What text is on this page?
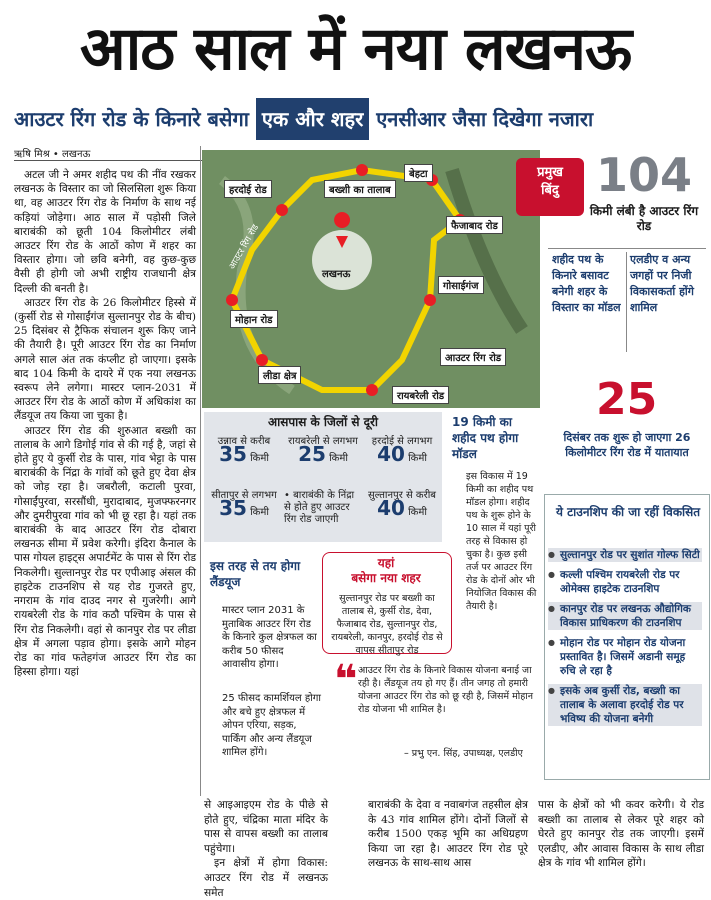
आठ साल में नया लखनऊ
आउटर रिंग रोड के किनारे बसेगा एक और शहर एनसीआर जैसा दिखेगा नजारा
ऋषि मिश्र • लखनऊ

अटल जी ने अमर शहीद पथ की नींव रखकर लखनऊ के विस्तार का जो सिलसिला शुरू किया था, वह आउटर रिंग रोड के निर्माण के साथ नई कड़ियां जोड़ेगा। आठ साल में पड़ोसी जिले बाराबंकी को छूती 104 किलोमीटर लंबी आउटर रिंग रोड के आठों कोण में शहर का विस्तार होगा। जो छवि बनेगी, वह कुछ-कुछ वैसी ही होगी जो अभी राष्ट्रीय राजधानी क्षेत्र दिल्ली की बनती है।

आउटर रिंग रोड के 26 किलोमीटर हिस्से में (कुर्सी रोड से गोसाईंगंज सुल्तानपुर रोड के बीच) 25 दिसंबर से ट्रैफिक संचालन शुरू किए जाने की तैयारी है। पूरी आउटर रिंग रोड का निर्माण अगले साल अंत तक कंप्लीट हो जाएगा। इसके बाद 104 किमी के दायरे में एक नया लखनऊ स्वरूप लेने लगेगा। मास्टर प्लान-2031 में आउटर रिंग रोड के आठों कोण में अधिकांश का लैंडयूज तय किया जा चुका है।

आउटर रिंग रोड की शुरुआत बख्शी का तालाब के आगे डिगोई गांव से की गई है, जहां से होते हुए ये कुर्सी रोड के पास, गांव भेट्टा के पास बाराबंकी के निंद्रा के गांवों को छूते हुए देवा क्षेत्र को जोड़ रहा है। जबरौली, कटाली पुरवा, गोसाईंपुरवा, सरसौंधी, मुरादाबाद, मुजफ्फरनगर और दुमरीपुरवा गांव को भी छू रहा है। यहां तक बाराबंकी के बाद आउटर रिंग रोड दोबारा लखनऊ सीमा में प्रवेश करेगी। इंदिरा कैनाल के पास गोयल हाइट्स अपार्टमेंट के पास से रिंग रोड निकलेगी। सुल्तानपुर रोड पर एपीआइ अंसल की हाइटेक टाउनशिप से यह रोड गुजरते हुए, नगराम के गांव दाउद नगर से गुजरेगी। आगे रायबरेली रोड के गांव कठौ पश्चिम के पास से रिंग रोड निकलेगी। वहां से कानपुर रोड पर लीडा क्षेत्र में अगला पड़ाव होगा। इसके आगे मोहन रोड का गांव फतेहगंज आउटर रिंग रोड का हिस्सा होगा। यहां

बेहटा
बख्शी का तालाब
हरदोई रोड
फैजाबाद रोड
लखनऊ
आउटर रिंग रोड
गोसाईगंज
मोहान रोड
लीडा क्षेत्र
आउटर रिंग रोड
रायबरेली रोड
प्रमुख
बिंदु 104
किमी लंबी है आउटर रिंग रोड
शहीद पथ के किनारे बसावट बनेगी शहर के विस्तार का मॉडल
एलडीए व अन्य जगहों पर निजी विकासकर्ता होंगे शामिल
25
दिसंबर तक शुरू हो जाएगा 26 किलोमीटर रिंग रोड में यातायात
आसपास के जिलों से दूरी
उन्नाव से करीब
35 किमी
रायबरेली से लगभग
25 किमी
हरदोई से लगभग
40 किमी
सीतापुर से लगभग
35 किमी
• बाराबंकी के निंद्रा से होते हुए आउटर रिंग रोड जाएगी
सुल्तानपुर से करीब
40 किमी
19 किमी का शहीद पथ होगा मॉडल
इस विकास में 19 किमी का शहीद पथ मॉडल होगा। शहीद पथ के शुरू होने के 10 साल में यहां पूरी तरह से विकास हो चुका है। कुछ इसी तर्ज पर आउटर रिंग रोड के दोनों ओर भी नियोजित विकास की तैयारी है।
ये टाउनशिप की जा रहीं विकसित
● सुल्तानपुर रोड पर सुशांत गोल्फ सिटी
● कल्ली पश्चिम रायबरेली रोड पर ओमेक्स हाइटेक टाउनशिप
● कानपुर रोड पर लखनऊ औद्योगिक विकास प्राधिकरण की टाउनशिप
● मोहान रोड पर मोहान रोड योजना प्रस्तावित है। जिसमें अडानी समूह रुचि ले रहा है
● इसके अब कुर्सी रोड, बख्शी का तालाब के अलावा हरदोई रोड पर भविष्य की योजना बनेगी
इस तरह से तय होगा लैंडयूज
मास्टर प्लान 2031 के मुताबिक आउटर रिंग रोड के किनारे कुल क्षेत्रफल का करीब 50 फीसद आवासीय होगा।
25 फीसद कामर्शियल होगा और बचे हुए क्षेत्रफल में ओपन एरिया, सड़क, पार्किंग और अन्य लैंडयूज शामिल होंगे।
यहां
बसेगा नया शहर
सुल्तानपुर रोड पर बख्शी का तालाब से, कुर्सी रोड, देवा, फैजाबाद रोड, सुल्तानपुर रोड, रायबरेली, कानपुर, हरदोई रोड से वापस सीतापुर रोड
❝ आउटर रिंग रोड के किनारे विकास योजना बनाई जा रही है। लैंडयूज तय हो गए हैं। तीन जगह तो हमारी योजना आउटर रिंग रोड को छू रही है, जिसमें मोहान रोड योजना भी शामिल है।
– प्रभु एन. सिंह, उपाध्यक्ष, एलडीए
से आइआइएम रोड के पीछे से होते हुए, चंद्रिका माता मंदिर के पास से वापस बख्शी का तालाब पहुंचेगा।
इन क्षेत्रों में होगा विकास: आउटर रिंग रोड में लखनऊ समेत
बाराबंकी के देवा व नवाबगंज तहसील क्षेत्र के 43 गांव शामिल होंगे। दोनों जिलों से करीब 1500 एकड़ भूमि का अधिग्रहण किया जा रहा है। आउटर रिंग रोड पूरे लखनऊ के साथ-साथ आस
पास के क्षेत्रों को भी कवर करेगी। ये रोड बख्शी का तालाब से लेकर पूरे शहर को घेरते हुए कानपुर रोड तक जाएगी। इसमें एलडीए, और आवास विकास के साथ लीडा क्षेत्र के गांव भी शामिल होंगे।
